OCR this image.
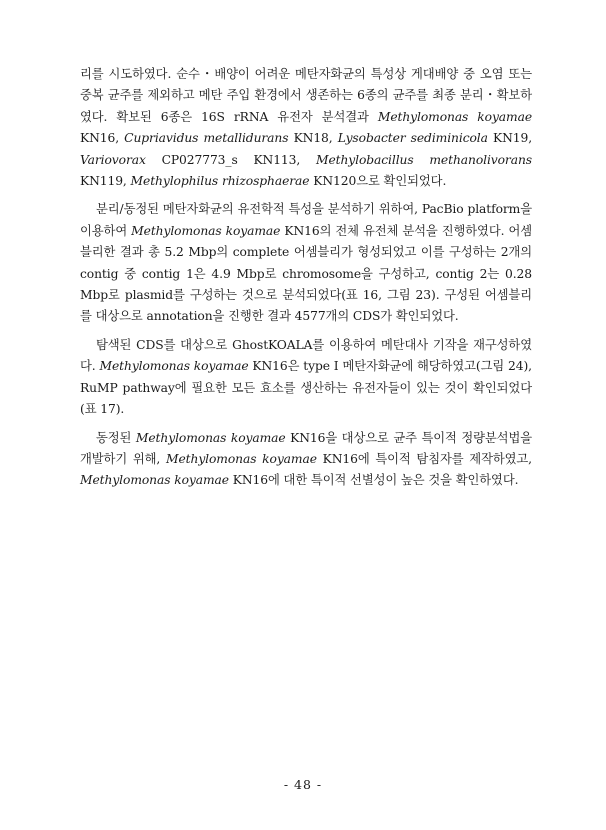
리를 시도하였다. 순수・배양이 어려운 메탄자화균의 특성상 게대배양 중 오염 또는 중복 균주를 제외하고 메탄 주입 환경에서 생존하는 6종의 균주를 최종 분리・확보하였다. 확보된 6종은 16S rRNA 유전자 분석결과 Methylomonas koyamae KN16, Cupriavidus metallidurans KN18, Lysobacter sediminicola KN19, Variovorax CP027773_s KN113, Methylobacillus methanolivorans KN119, Methylophilus rhizosphaerae KN120으로 확인되었다.

분리/동정된 메탄자화균의 유전학적 특성을 분석하기 위하여, PacBio platform을 이용하여 Methylomonas koyamae KN16의 전체 유전체 분석을 진행하였다. 어셈블리한 결과 총 5.2 Mbp의 complete 어셈블리가 형성되었고 이를 구성하는 2개의 contig 중 contig 1은 4.9 Mbp로 chromosome을 구성하고, contig 2는 0.28 Mbp로 plasmid를 구성하는 것으로 분석되었다(표 16, 그림 23). 구성된 어셈블리를 대상으로 annotation을 진행한 결과 4577개의 CDS가 확인되었다.

탐색된 CDS를 대상으로 GhostKOALA를 이용하여 메탄대사 기작을 재구성하였다. Methylomonas koyamae KN16은 type I 메탄자화균에 해당하였고(그림 24), RuMP pathway에 필요한 모든 효소를 생산하는 유전자들이 있는 것이 확인되었다(표 17).

동정된 Methylomonas koyamae KN16을 대상으로 균주 특이적 정량분석법을 개발하기 위해, Methylomonas koyamae KN16에 특이적 탐침자를 제작하였고, Methylomonas koyamae KN16에 대한 특이적 선별성이 높은 것을 확인하였다.

- 48 -
